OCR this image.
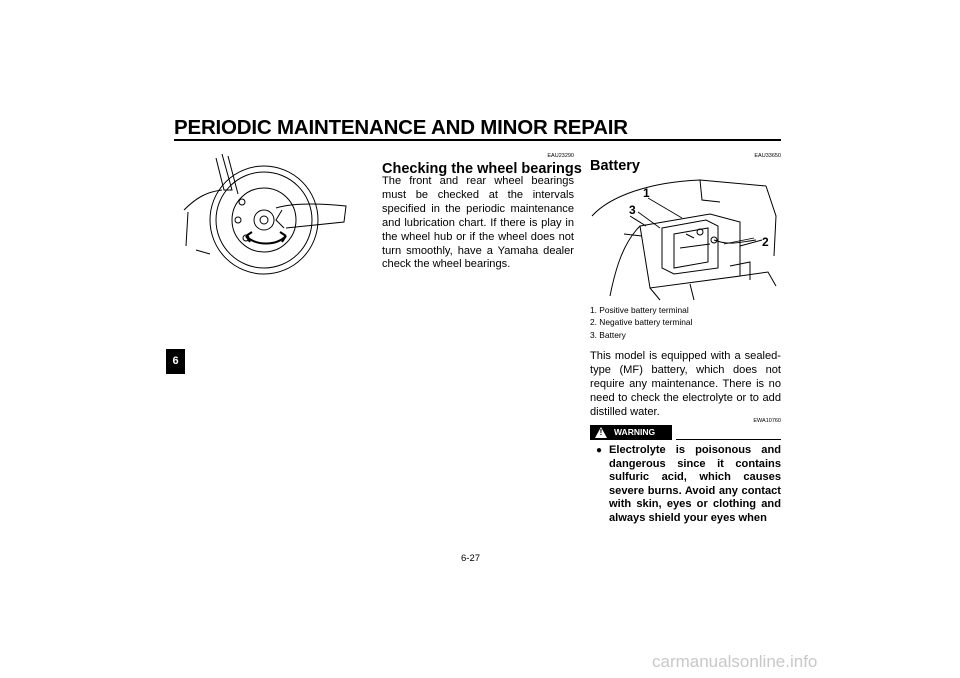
PERIODIC MAINTENANCE AND MINOR REPAIR
6
EAU23290
Checking the wheel bearings
The front and rear wheel bearings must be checked at the intervals specified in the periodic maintenance and lubrication chart. If there is play in the wheel hub or if the wheel does not turn smoothly, have a Yamaha dealer check the wheel bearings.
EAU33650
Battery
1
2
3
1. Positive battery terminal
2. Negative battery terminal
3. Battery
This model is equipped with a sealed-type (MF) battery, which does not require any maintenance. There is no need to check the electrolyte or to add distilled water.
EWA10760
! WARNING
● Electrolyte is poisonous and dangerous since it contains sulfuric acid, which causes severe burns. Avoid any contact with skin, eyes or clothing and always shield your eyes when
6-27
carmanualsonline.info
